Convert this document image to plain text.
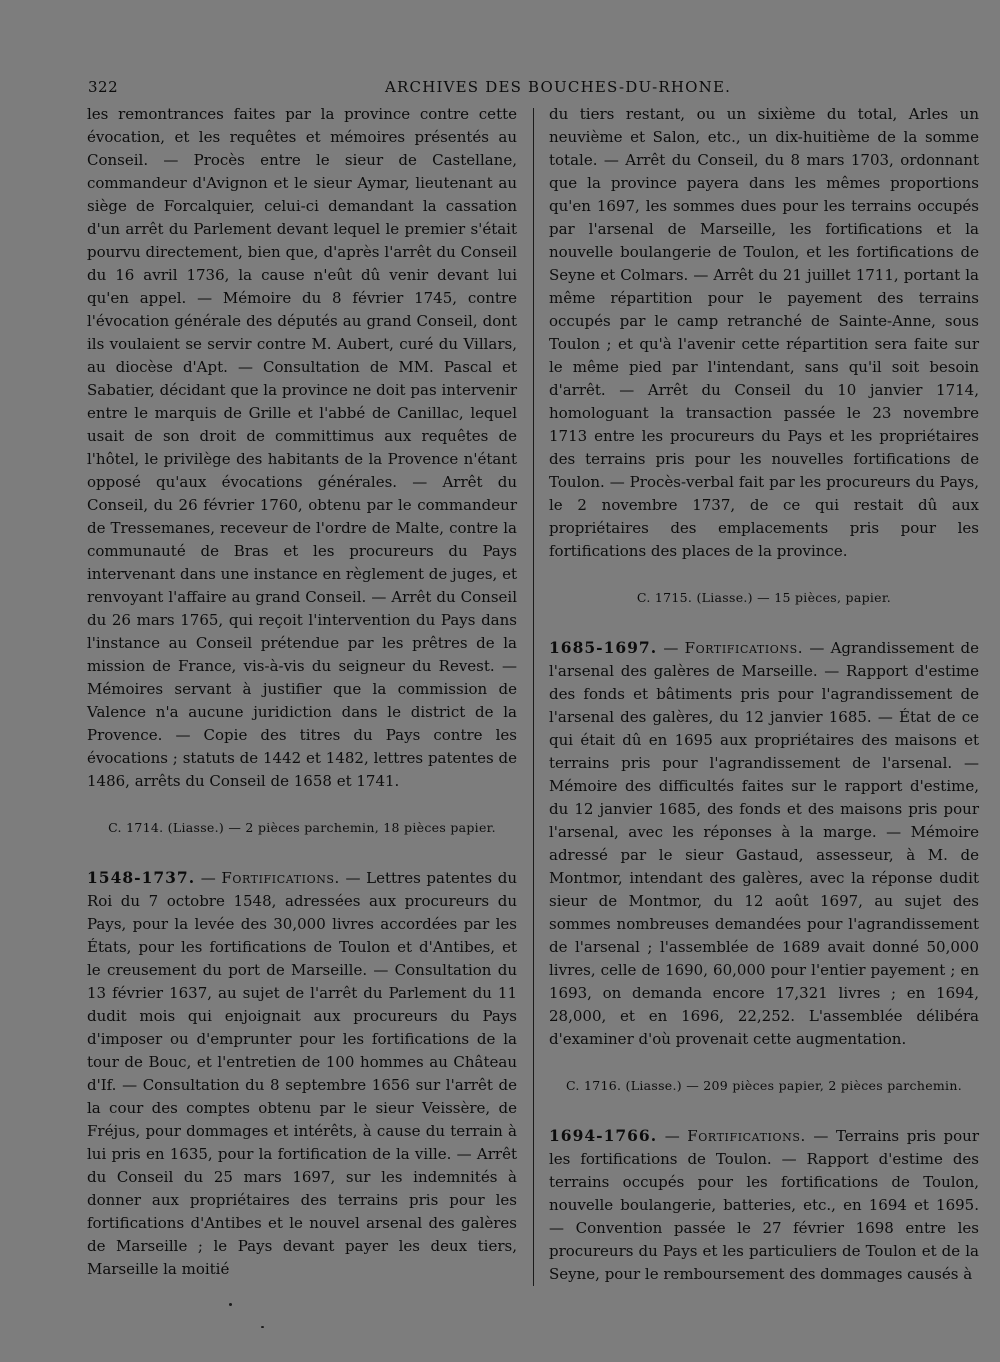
322	ARCHIVES DES BOUCHES-DU-RHONE.

les remontrances faites par la province contre cette évocation, et les requêtes et mémoires présentés au Conseil. — Procès entre le sieur de Castellane, commandeur d'Avignon et le sieur Aymar, lieutenant au siège de Forcalquier, celui-ci demandant la cassation d'un arrêt du Parlement devant lequel le premier s'était pourvu directement, bien que, d'après l'arrêt du Conseil du 16 avril 1736, la cause n'eût dû venir devant lui qu'en appel. — Mémoire du 8 février 1745, contre l'évocation générale des députés au grand Conseil, dont ils voulaient se servir contre M. Aubert, curé du Villars, au diocèse d'Apt. — Consultation de MM. Pascal et Sabatier, décidant que la province ne doit pas intervenir entre le marquis de Grille et l'abbé de Canillac, lequel usait de son droit de committimus aux requêtes de l'hôtel, le privilège des habitants de la Provence n'étant opposé qu'aux évocations générales. — Arrêt du Conseil, du 26 février 1760, obtenu par le commandeur de Tressemanes, receveur de l'ordre de Malte, contre la communauté de Bras et les procureurs du Pays intervenant dans une instance en règlement de juges, et renvoyant l'affaire au grand Conseil. — Arrêt du Conseil du 26 mars 1765, qui reçoit l'intervention du Pays dans l'instance au Conseil prétendue par les prêtres de la mission de France, vis-à-vis du seigneur du Revest. — Mémoires servant à justifier que la commission de Valence n'a aucune juridiction dans le district de la Provence. — Copie des titres du Pays contre les évocations ; statuts de 1442 et 1482, lettres patentes de 1486, arrêts du Conseil de 1658 et 1741.

C. 1714. (Liasse.) — 2 pièces parchemin, 18 pièces papier.

1548-1737. — Fortifications. — Lettres patentes du Roi du 7 octobre 1548, adressées aux procureurs du Pays, pour la levée des 30,000 livres accordées par les États, pour les fortifications de Toulon et d'Antibes, et le creusement du port de Marseille. — Consultation du 13 février 1637, au sujet de l'arrêt du Parlement du 11 dudit mois qui enjoignait aux procureurs du Pays d'imposer ou d'emprunter pour les fortifications de la tour de Bouc, et l'entretien de 100 hommes au Château d'If. — Consultation du 8 septembre 1656 sur l'arrêt de la cour des comptes obtenu par le sieur Veissère, de Fréjus, pour dommages et intérêts, à cause du terrain à lui pris en 1635, pour la fortification de la ville. — Arrêt du Conseil du 25 mars 1697, sur les indemnités à donner aux propriétaires des terrains pris pour les fortifications d'Antibes et le nouvel arsenal des galères de Marseille ; le Pays devant payer les deux tiers, Marseille la moitié

du tiers restant, ou un sixième du total, Arles un neuvième et Salon, etc., un dix-huitième de la somme totale. — Arrêt du Conseil, du 8 mars 1703, ordonnant que la province payera dans les mêmes proportions qu'en 1697, les sommes dues pour les terrains occupés par l'arsenal de Marseille, les fortifications et la nouvelle boulangerie de Toulon, et les fortifications de Seyne et Colmars. — Arrêt du 21 juillet 1711, portant la même répartition pour le payement des terrains occupés par le camp retranché de Sainte-Anne, sous Toulon ; et qu'à l'avenir cette répartition sera faite sur le même pied par l'intendant, sans qu'il soit besoin d'arrêt. — Arrêt du Conseil du 10 janvier 1714, homologuant la transaction passée le 23 novembre 1713 entre les procureurs du Pays et les propriétaires des terrains pris pour les nouvelles fortifications de Toulon. — Procès-verbal fait par les procureurs du Pays, le 2 novembre 1737, de ce qui restait dû aux propriétaires des emplacements pris pour les fortifications des places de la province.

C. 1715. (Liasse.) — 15 pièces, papier.

1685-1697. — Fortifications. — Agrandissement de l'arsenal des galères de Marseille. — Rapport d'estime des fonds et bâtiments pris pour l'agrandissement de l'arsenal des galères, du 12 janvier 1685. — État de ce qui était dû en 1695 aux propriétaires des maisons et terrains pris pour l'agrandissement de l'arsenal. — Mémoire des difficultés faites sur le rapport d'estime, du 12 janvier 1685, des fonds et des maisons pris pour l'arsenal, avec les réponses à la marge. — Mémoire adressé par le sieur Gastaud, assesseur, à M. de Montmor, intendant des galères, avec la réponse dudit sieur de Montmor, du 12 août 1697, au sujet des sommes nombreuses demandées pour l'agrandissement de l'arsenal ; l'assemblée de 1689 avait donné 50,000 livres, celle de 1690, 60,000 pour l'entier payement ; en 1693, on demanda encore 17,321 livres ; en 1694, 28,000, et en 1696, 22,252. L'assemblée délibéra d'examiner d'où provenait cette augmentation.

C. 1716. (Liasse.) — 209 pièces papier, 2 pièces parchemin.

1694-1766. — Fortifications. — Terrains pris pour les fortifications de Toulon. — Rapport d'estime des terrains occupés pour les fortifications de Toulon, nouvelle boulangerie, batteries, etc., en 1694 et 1695. — Convention passée le 27 février 1698 entre les procureurs du Pays et les particuliers de Toulon et de la Seyne, pour le remboursement des dommages causés à
